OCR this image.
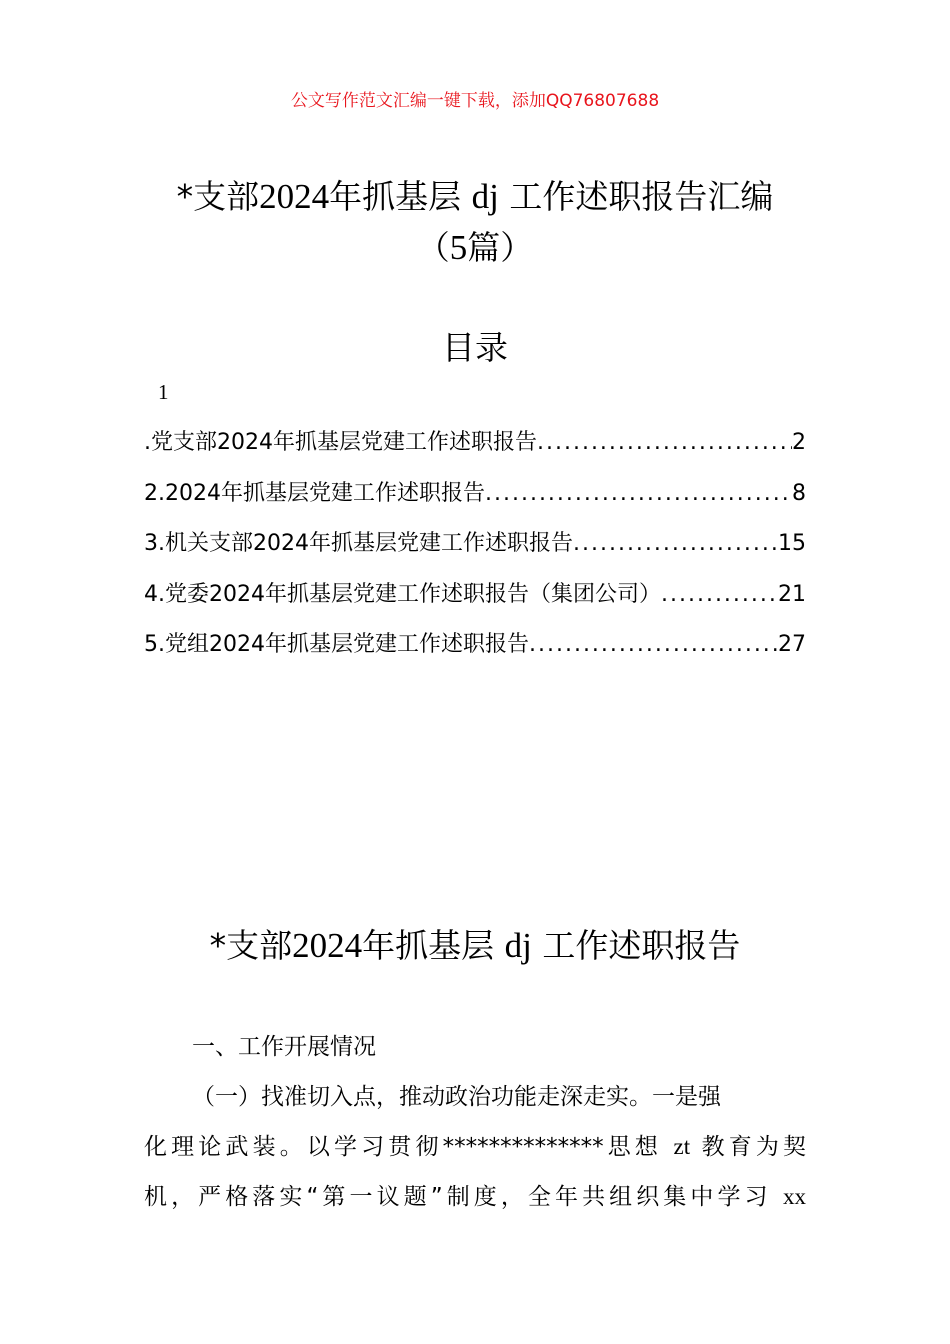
公文写作范文汇编一键下载，添加QQ76807688
*支部2024年抓基层 dj 工作述职报告汇编
（5篇）
目录
1
.党支部2024年抓基层党建工作述职报告 .....	2
2.2024年抓基层党建工作述职报告 .....	8
3.机关支部2024年抓基层党建工作述职报告 .....	15
4.党委2024年抓基层党建工作述职报告（集团公司） .....	21
5.党组2024年抓基层党建工作述职报告 .....	27
*支部2024年抓基层 dj 工作述职报告

一、工作开展情况

（一）找准切入点，推动政治功能走深走实。一是强

化理论武装。以学习贯彻**************思想 zt 教育为契

机，严格落实“第一议题”制度，全年共组织集中学习 xx
